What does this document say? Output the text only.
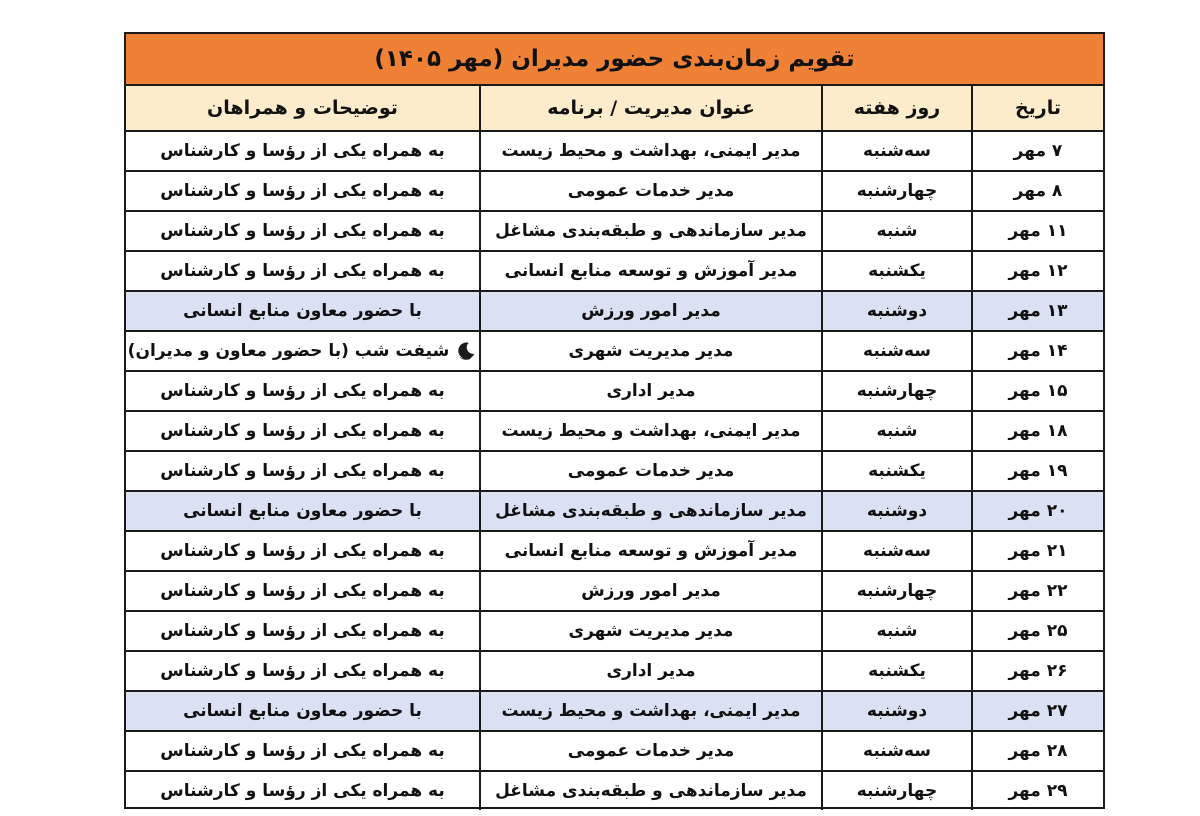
تقویم زمان‌بندی حضور مدیران (مهر ۱۴۰۵)
تاریخ	روز هفته	عنوان مدیریت / برنامه	توضیحات و همراهان
۷ مهر	سه‌شنبه	مدیر ایمنی، بهداشت و محیط زیست	به همراه یکی از رؤسا و کارشناس
۸ مهر	چهارشنبه	مدیر خدمات عمومی	به همراه یکی از رؤسا و کارشناس
۱۱ مهر	شنبه	مدیر سازماندهی و طبقه‌بندی مشاغل	به همراه یکی از رؤسا و کارشناس
۱۲ مهر	یکشنبه	مدیر آموزش و توسعه منابع انسانی	به همراه یکی از رؤسا و کارشناس
۱۳ مهر	دوشنبه	مدیر امور ورزش	با حضور معاون منابع انسانی
۱۴ مهر	سه‌شنبه	مدیر مدیریت شهری	شیفت شب (با حضور معاون و مدیران)
۱۵ مهر	چهارشنبه	مدیر اداری	به همراه یکی از رؤسا و کارشناس
۱۸ مهر	شنبه	مدیر ایمنی، بهداشت و محیط زیست	به همراه یکی از رؤسا و کارشناس
۱۹ مهر	یکشنبه	مدیر خدمات عمومی	به همراه یکی از رؤسا و کارشناس
۲۰ مهر	دوشنبه	مدیر سازماندهی و طبقه‌بندی مشاغل	با حضور معاون منابع انسانی
۲۱ مهر	سه‌شنبه	مدیر آموزش و توسعه منابع انسانی	به همراه یکی از رؤسا و کارشناس
۲۲ مهر	چهارشنبه	مدیر امور ورزش	به همراه یکی از رؤسا و کارشناس
۲۵ مهر	شنبه	مدیر مدیریت شهری	به همراه یکی از رؤسا و کارشناس
۲۶ مهر	یکشنبه	مدیر اداری	به همراه یکی از رؤسا و کارشناس
۲۷ مهر	دوشنبه	مدیر ایمنی، بهداشت و محیط زیست	با حضور معاون منابع انسانی
۲۸ مهر	سه‌شنبه	مدیر خدمات عمومی	به همراه یکی از رؤسا و کارشناس
۲۹ مهر	چهارشنبه	مدیر سازماندهی و طبقه‌بندی مشاغل	به همراه یکی از رؤسا و کارشناس
